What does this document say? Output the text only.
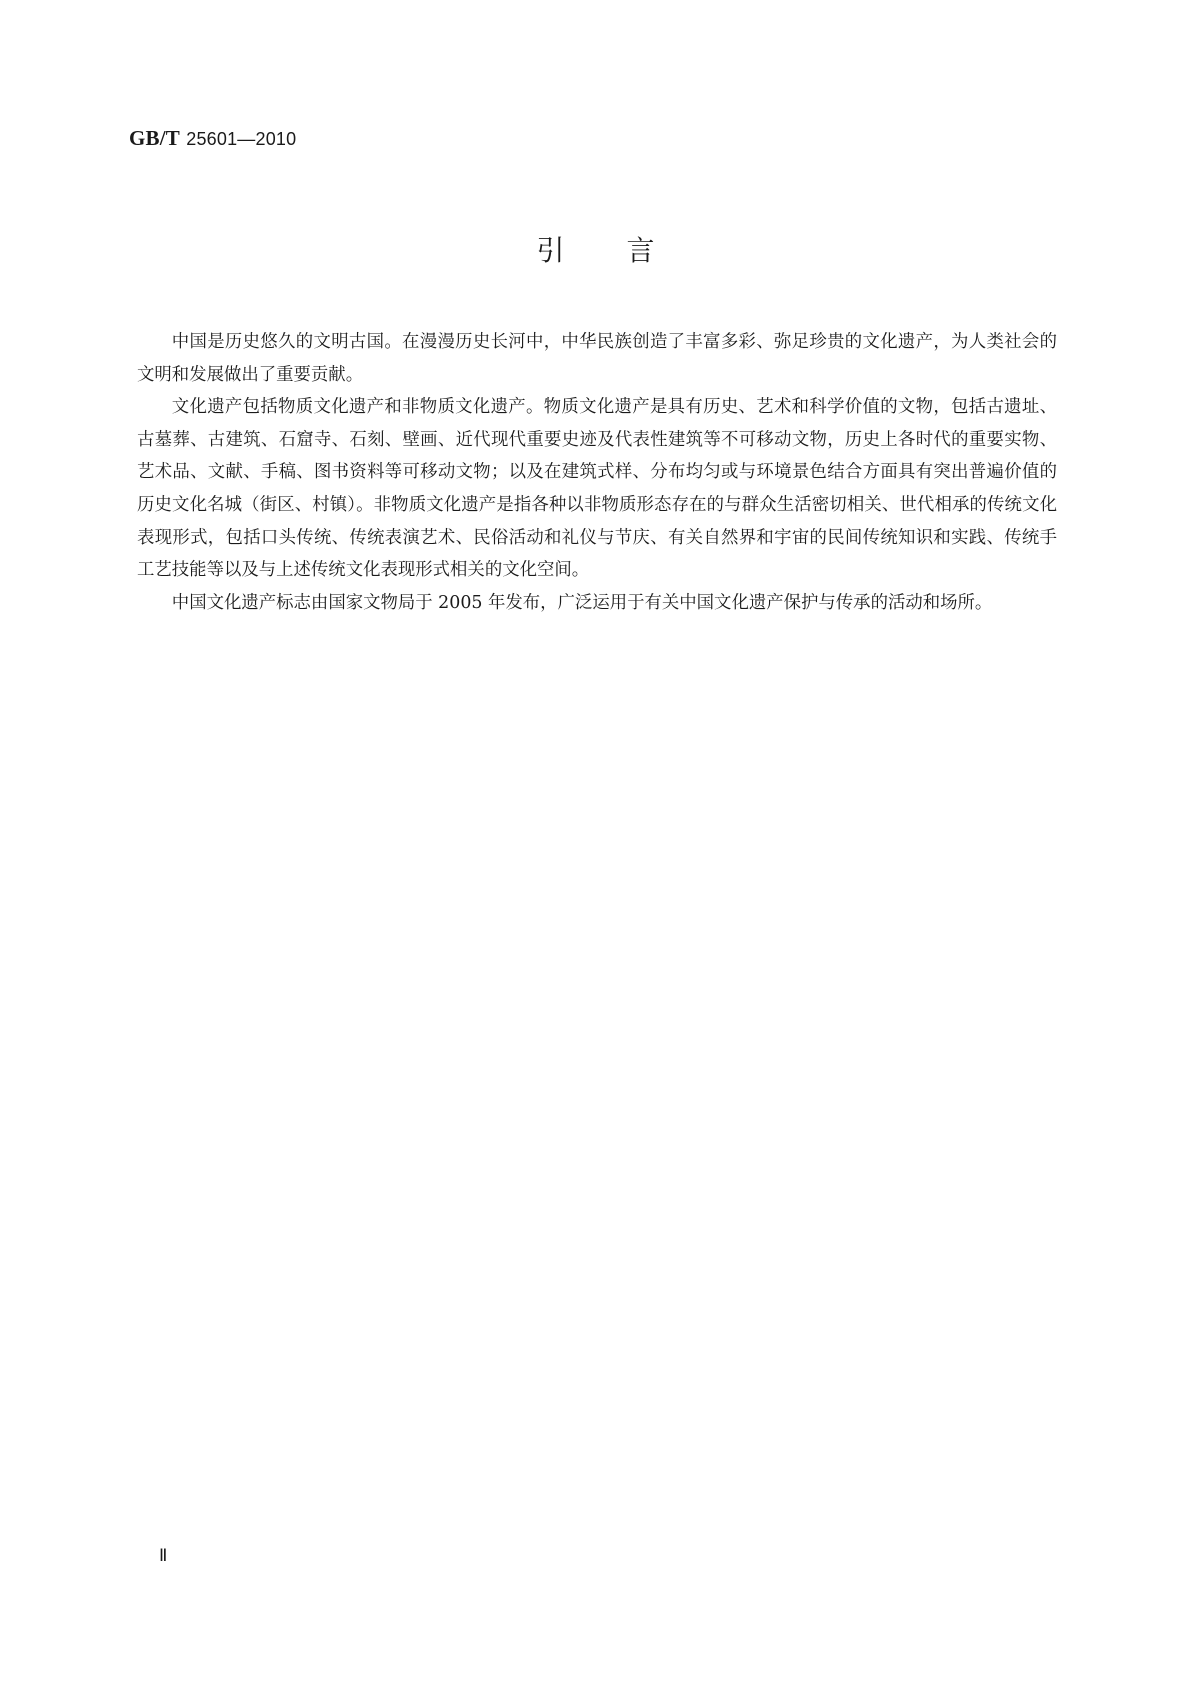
GB/T 25601—2010
引言

中国是历史悠久的文明古国。在漫漫历史长河中，中华民族创造了丰富多彩、弥足珍贵的文化遗产，为人类社会的文明和发展做出了重要贡献。

文化遗产包括物质文化遗产和非物质文化遗产。物质文化遗产是具有历史、艺术和科学价值的文物，包括古遗址、古墓葬、古建筑、石窟寺、石刻、壁画、近代现代重要史迹及代表性建筑等不可移动文物，历史上各时代的重要实物、艺术品、文献、手稿、图书资料等可移动文物；以及在建筑式样、分布均匀或与环境景色结合方面具有突出普遍价值的历史文化名城（街区、村镇）。非物质文化遗产是指各种以非物质形态存在的与群众生活密切相关、世代相承的传统文化表现形式，包括口头传统、传统表演艺术、民俗活动和礼仪与节庆、有关自然界和宇宙的民间传统知识和实践、传统手工艺技能等以及与上述传统文化表现形式相关的文化空间。

中国文化遗产标志由国家文物局于 2005 年发布，广泛运用于有关中国文化遗产保护与传承的活动和场所。

Ⅱ
